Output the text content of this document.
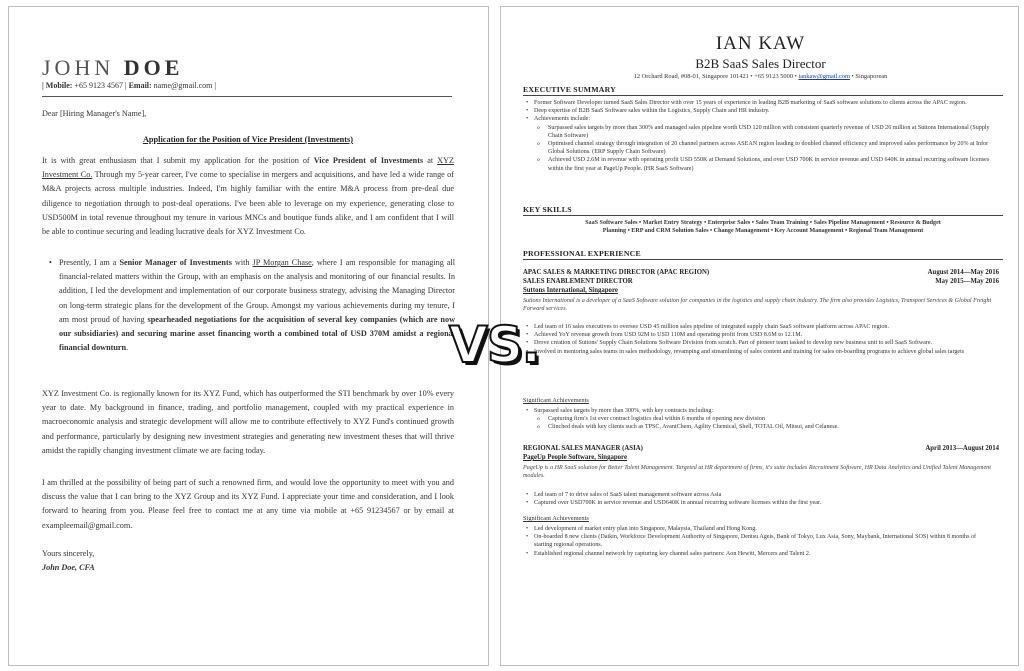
JOHN DOE
| Mobile: +65 9123 4567 | Email: name@gmail.com |
Dear [Hiring Manager's Name],
Application for the Position of Vice President (Investments)
It is with great enthusiasm that I submit my application for the position of Vice President of Investments at XYZ Investment Co. Through my 5-year career, I've come to specialise in mergers and acquisitions, and have led a wide range of M&A projects across multiple industries. Indeed, I'm highly familiar with the entire M&A process from pre-deal due diligence to negotiation through to post-deal operations. I've been able to leverage on my experience, generating close to USD500M in total revenue throughout my tenure in various MNCs and boutique funds alike, and I am confident that I will be able to continue securing and leading lucrative deals for XYZ Investment Co.
• Presently, I am a Senior Manager of Investments with JP Morgan Chase, where I am responsible for managing all financial-related matters within the Group, with an emphasis on the analysis and monitoring of our financial results. In addition, I led the development and implementation of our corporate business strategy, advising the Managing Director on long-term strategic plans for the development of the Group. Amongst my various achievements during my tenure, I am most proud of having spearheaded negotiations for the acquisition of several key companies (which are now our subsidiaries) and securing marine asset financing worth a combined total of USD 370M amidst a regional financial downturn.
XYZ Investment Co. is regionally known for its XYZ Fund, which has outperformed the STI benchmark by over 10% every year to date. My background in finance, trading, and portfolio management, coupled with my practical experience in macroeconomic analysis and strategic development will allow me to contribute effectively to XYZ Fund's continued growth and performance, particularly by designing new investment strategies and generating new investment theses that will thrive amidst the rapidly changing investment climate we are facing today.
I am thrilled at the possibility of being part of such a renowned firm, and would love the opportunity to meet with you and discuss the value that I can bring to the XYZ Group and its XYZ Fund. I appreciate your time and consideration, and I look forward to hearing from you. Please feel free to contact me at any time via mobile at +65 91234567 or by email at exampleemail@gmail.com.
Yours sincerely,
John Doe, CFA
IAN KAW
B2B SaaS Sales Director
12 Orchard Road, #08-01, Singapore 101421 • +65 9123 5000 • iankaw@gmail.com • Singaporean
EXECUTIVE SUMMARY
• Former Software Developer turned SaaS Sales Director with over 15 years of experience in leading B2B marketing of SaaS software solutions to clients across the APAC region.
• Deep expertise of B2B SaaS Software sales within the Logistics, Supply Chain and HR industry.
• Achievements include:
o Surpassed sales targets by more than 300% and managed sales pipeline worth USD 120 million with consistent quarterly revenue of USD 26 million at Suttons International (Supply Chain Software)
o Optimised channel strategy through integration of 20 channel partners across ASEAN region leading to doubled channel efficiency and improved sales performance by 20% at Infor Global Solutions. (ERP Supply Chain Software)
o Achieved USD 2.6M in revenue with operating profit USD 550K at Demand Solutions, and over USD 700K in service revenue and USD 640K in annual recurring software licenses within the first year at PageUp People. (HR SaaS Software)
KEY SKILLS
SaaS Software Sales • Market Entry Strategy • Enterprise Sales • Sales Team Training • Sales Pipeline Management • Resource & Budget
Planning • ERP and CRM Solution Sales • Change Management • Key Account Management • Regional Team Management
PROFESSIONAL EXPERIENCE
APAC SALES & MARKETING DIRECTOR (APAC REGION)	August 2014—May 2016
SALES ENABLEMENT DIRECTOR	May 2015—May 2016
Suttons International, Singapore
Suttons International is a developer of a SaaS Software solution for companies in the logistics and supply chain industry. The firm also provides Logistics, Transport Services & Global Freight Forward services.
• Led team of 16 sales executives to oversee USD 45 million sales pipeline of integrated supply chain SaaS software platform across APAC region.
• Achieved YoY revenue growth from USD 92M to USD 110M and operating profit from USD 8.6M to 12.1M.
• Drove creation of Suttons' Supply Chain Solutions Software Division from scratch. Part of pioneer team tasked to develop new business unit to sell SaaS Software.
• Involved in mentoring sales teams in sales methodology, revamping and streamlining of sales content and training for sales on-boarding programs to achieve global sales targets
Significant Achievements
• Surpassed sales targets by more than 300%, with key contracts including:
o Capturing firm's 1st ever contract logistics deal within 6 months of opening new division
o Clinched deals with key clients such as TPSC, AvantChem, Agility Chemical, Shell, TOTAL Oil, Mitsui, and Celanese.
REGIONAL SALES MANAGER (ASIA)	April 2013—August 2014
PageUp People Software, Singapore
PageUp is a HR SaaS solution for Better Talent Management. Targeted at HR department of firms, it's suite includes Recruitment Software, HR Data Analytics and Unified Talent Management modules.
• Led team of 7 to drive sales of SaaS talent management software across Asia
• Captured over USD700K in service revenue and USD640K in annual recurring software licenses within the first year.
Significant Achievements
• Led development of market entry plan into Singapore, Malaysia, Thailand and Hong Kong.
• On-boarded 8 new clients (Daikin, Workforce Development Authority of Singapore, Dentsu Ageis, Bank of Tokyo, Lux Asia, Sony, Maybank, International SOS) within 8 months of starting regional operations.
• Established regional channel network by capturing key channel sales partners: Aon Hewitt, Mercers and Talent 2.
VS.
